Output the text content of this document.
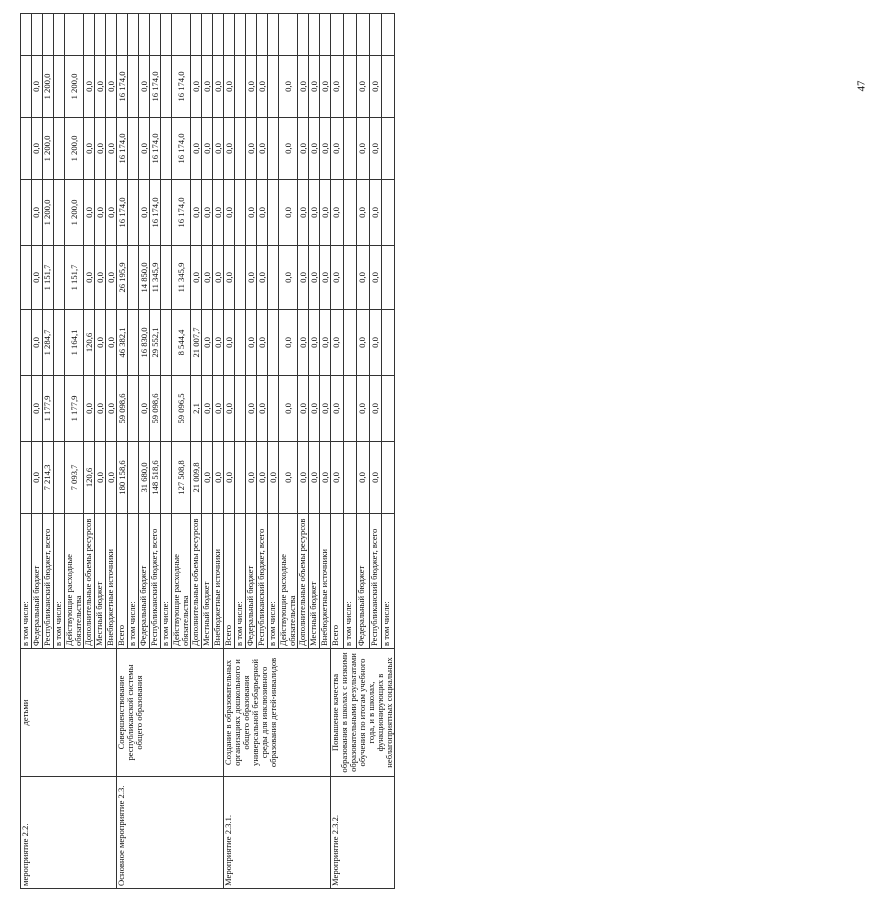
мероприятие 2.2.	детьми	в том числе:								
		Федеральный бюджет	0,0	0,0	0,0	0,0	0,0	0,0	0,0	
		Республиканский бюджет, всего	7 214,3	1 177,9	1 284,7	1 151,7	1 200,0	1 200,0	1 200,0	
		в том числе:								
		Действующие расходные обязательства	7 093,7	1 177,9	1 164,1	1 151,7	1 200,0	1 200,0	1 200,0	
		Дополнительные объемы ресурсов	120,6	0,0	120,6	0,0	0,0	0,0	0,0	
		Местный бюджет	0,0	0,0	0,0	0,0	0,0	0,0	0,0	
		Внебюджетные источники	0,0	0,0	0,0	0,0	0,0	0,0	0,0	
Основное мероприятие 2.3.	Совершенствование республиканской системы общего образования	Всего	180 158,6	59 098,6	46 382,1	26 195,9	16 174,0	16 174,0	16 174,0	
		в том числе:								
		Федеральный бюджет	31 680,0	0,0	16 830,0	14 850,0	0,0	0,0	0,0	
		Республиканский бюджет, всего	148 518,6	59 098,6	29 552,1	11 345,9	16 174,0	16 174,0	16 174,0	
		в том числе:								
		Действующие расходные обязательства	127 508,8	59 096,5	8 544,4	11 345,9	16 174,0	16 174,0	16 174,0	
		Дополнительные объемы ресурсов	21 009,8	2,1	21 007,7	0,0	0,0	0,0	0,0	
		Местный бюджет	0,0	0,0	0,0	0,0	0,0	0,0	0,0	
		Внебюджетные источники	0,0	0,0	0,0	0,0	0,0	0,0	0,0	
Мероприятие 2.3.1.	Создание в образовательных организациях дошкольного и общего образования универсальной безбарьерной среды для инклюзивного образования детей-инвалидов	Всего	0,0	0,0	0,0	0,0	0,0	0,0	0,0	
		в том числе:								
		Федеральный бюджет	0,0	0,0	0,0	0,0	0,0	0,0	0,0	
		Республиканский бюджет, всего	0,0	0,0	0,0	0,0	0,0	0,0	0,0	
		в том числе:	0,0							
		Действующие расходные обязательства	0,0	0,0	0,0	0,0	0,0	0,0	0,0	
		Дополнительные объемы ресурсов	0,0	0,0	0,0	0,0	0,0	0,0	0,0	
		Местный бюджет	0,0	0,0	0,0	0,0	0,0	0,0	0,0	
		Внебюджетные источники	0,0	0,0	0,0	0,0	0,0	0,0	0,0	
Мероприятие 2.3.2.	Повышение качества образования в школах с низкими образовательными результатами обучения по итогам учебного года, и в школах, функционирующих в неблагоприятных социальных	Всего	0,0	0,0	0,0	0,0	0,0	0,0	0,0	
		в том числе:								
		Федеральный бюджет	0,0	0,0	0,0	0,0	0,0	0,0	0,0	
		Республиканский бюджет, всего	0,0	0,0	0,0	0,0	0,0	0,0	0,0	
		в том числе:								
47
